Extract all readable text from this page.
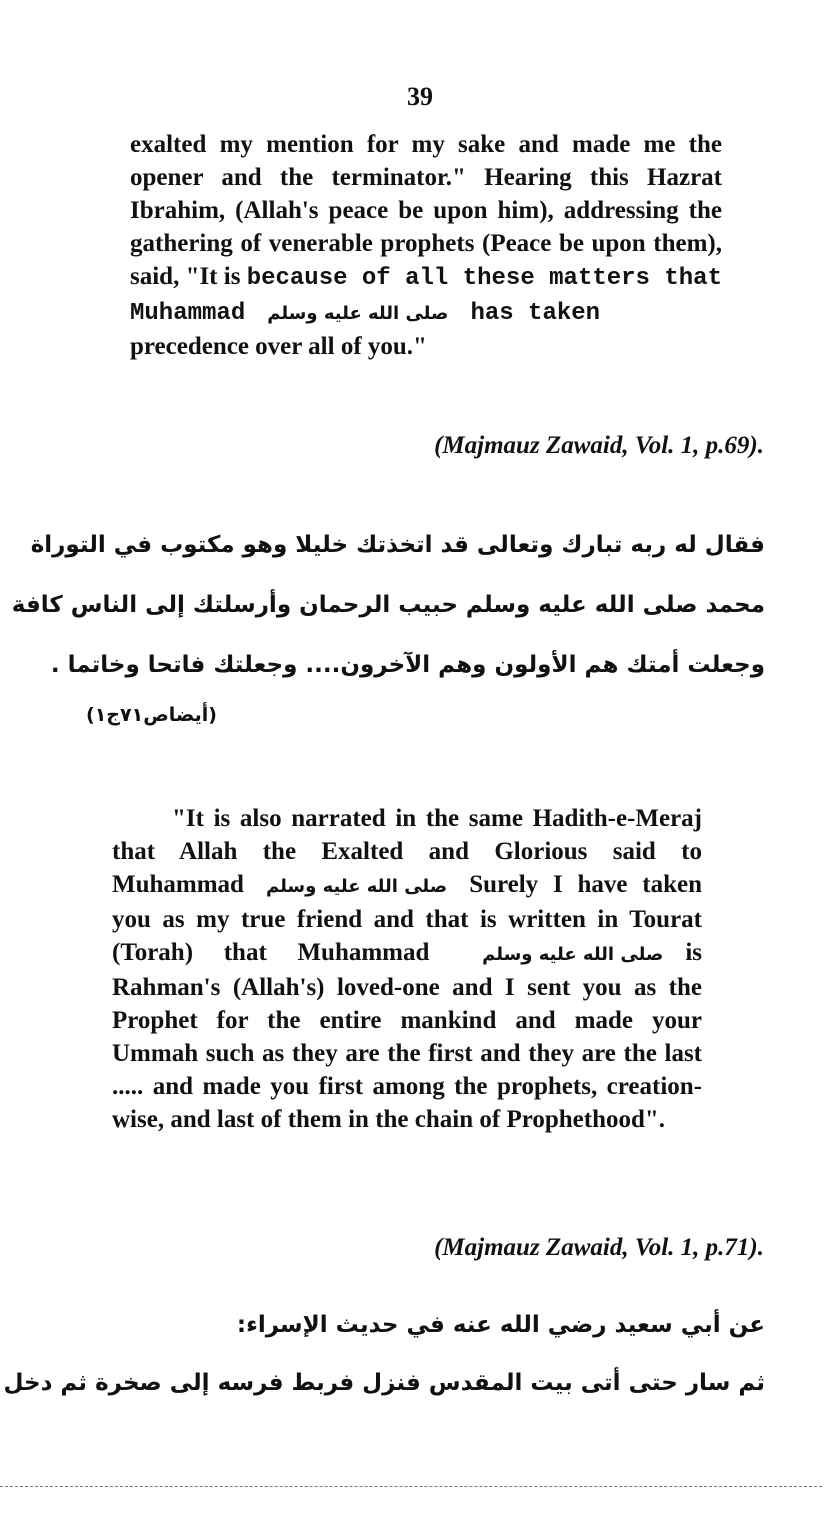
39
exalted my mention for my sake and made me the opener and the terminator." Hearing this Hazrat Ibrahim, (Allah's peace be upon him), addressing the gathering of venerable prophets (Peace be upon them), said, "It is because of all these matters that
Muhammad صلى الله عليه وسلم has taken
precedence over all of you."
(Majmauz Zawaid, Vol. 1, p.69).
فقال له ربه تبارك وتعالى قد اتخذتك خليلا وهو مكتوب في التوراة
محمد صلى الله عليه وسلم حبيب الرحمان وأرسلتك إلى الناس كافة
وجعلت أمتك هم الأولون وهم الآخرون.... وجعلتك فاتحا وخاتما .
(أيضاص٧١ج١)
"It is also narrated in the same Hadith-e-Meraj that Allah the Exalted and Glorious said to Muhammad صلى الله عليه وسلم Surely I have taken you as my true friend and that is written in Tourat (Torah) that Muhammad	صلى الله عليه وسلم is Rahman's (Allah's) loved-one and I sent you as the Prophet for the entire mankind and made your Ummah such as they are the first and they are the last ..... and made you first among the prophets, creation-wise, and last of them in the chain of Prophethood".
(Majmauz Zawaid, Vol. 1, p.71).
عن أبي سعيد رضي الله عنه في حديث الإسراء:
ثم سار حتى أتى بيت المقدس فنزل فربط فرسه إلى صخرة ثم دخل
